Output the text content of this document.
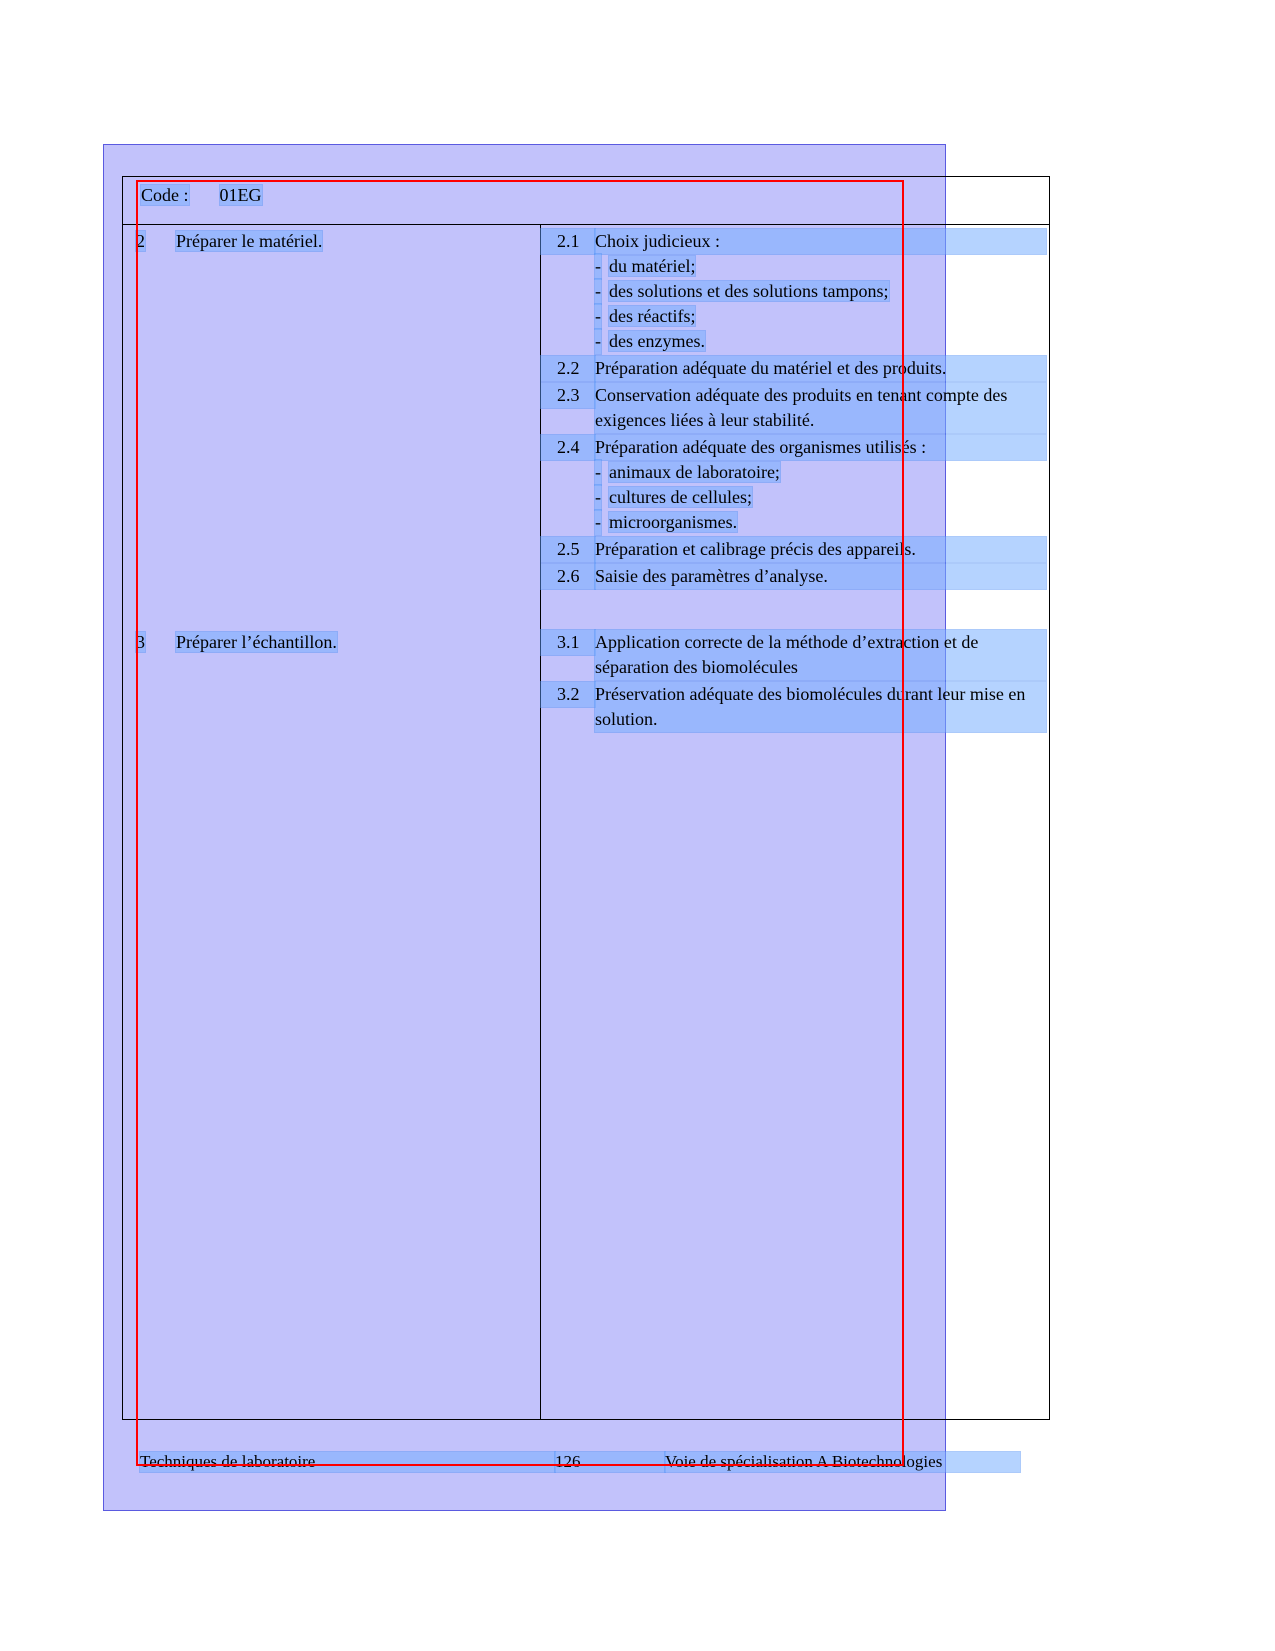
Code : 01EG
2 Préparer le matériel.
3 Préparer l’échantillon.
2.1 Choix judicieux :
- du matériel;
- des solutions et des solutions tampons;
- des réactifs;
- des enzymes.
2.2 Préparation adéquate du matériel et des produits.
2.3 Conservation adéquate des produits en tenant compte des exigences liées à leur stabilité.
2.4 Préparation adéquate des organismes utilisés :
- animaux de laboratoire;
- cultures de cellules;
- microorganismes.
2.5 Préparation et calibrage précis des appareils.
2.6 Saisie des paramètres d’analyse.
3.1 Application correcte de la méthode d’extraction et de séparation des biomolécules
3.2 Préservation adéquate des biomolécules durant leur mise en solution.
Techniques de laboratoire	126	Voie de spécialisation A Biotechnologies
